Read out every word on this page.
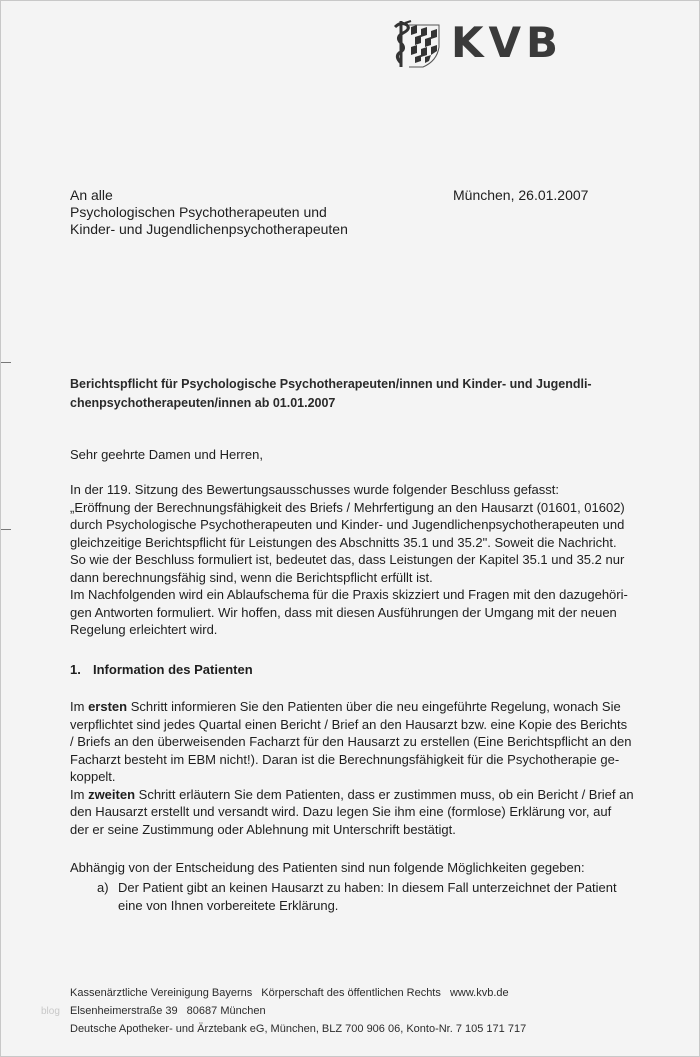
KVB
An alle
Psychologischen Psychotherapeuten und
Kinder- und Jugendlichenpsychotherapeuten
München, 26.01.2007
Berichtspflicht für Psychologische Psychotherapeuten/innen und Kinder- und Jugendli-
chenpsychotherapeuten/innen ab 01.01.2007
Sehr geehrte Damen und Herren,
In der 119. Sitzung des Bewertungsausschusses wurde folgender Beschluss gefasst:
„Eröffnung der Berechnungsfähigkeit des Briefs / Mehrfertigung an den Hausarzt (01601, 01602)
durch Psychologische Psychotherapeuten und Kinder- und Jugendlichenpsychotherapeuten und
gleichzeitige Berichtspflicht für Leistungen des Abschnitts 35.1 und 35.2". Soweit die Nachricht.
So wie der Beschluss formuliert ist, bedeutet das, dass Leistungen der Kapitel 35.1 und 35.2 nur
dann berechnungsfähig sind, wenn die Berichtspflicht erfüllt ist.
Im Nachfolgenden wird ein Ablaufschema für die Praxis skizziert und Fragen mit den dazugehöri-
gen Antworten formuliert. Wir hoffen, dass mit diesen Ausführungen der Umgang mit der neuen
Regelung erleichtert wird.
1. Information des Patienten
Im ersten Schritt informieren Sie den Patienten über die neu eingeführte Regelung, wonach Sie
verpflichtet sind jedes Quartal einen Bericht / Brief an den Hausarzt bzw. eine Kopie des Berichts
/ Briefs an den überweisenden Facharzt für den Hausarzt zu erstellen (Eine Berichtspflicht an den
Facharzt besteht im EBM nicht!). Daran ist die Berechnungsfähigkeit für die Psychotherapie ge-
koppelt.
Im zweiten Schritt erläutern Sie dem Patienten, dass er zustimmen muss, ob ein Bericht / Brief an
den Hausarzt erstellt und versandt wird. Dazu legen Sie ihm eine (formlose) Erklärung vor, auf
der er seine Zustimmung oder Ablehnung mit Unterschrift bestätigt.
Abhängig von der Entscheidung des Patienten sind nun folgende Möglichkeiten gegeben:
a) Der Patient gibt an keinen Hausarzt zu haben: In diesem Fall unterzeichnet der Patient
eine von Ihnen vorbereitete Erklärung.
Kassenärztliche Vereinigung Bayerns Körperschaft des öffentlichen Rechts www.kvb.de
Elsenheimerstraße 39 80687 München
Deutsche Apotheker- und Ärztebank eG, München, BLZ 700 906 06, Konto-Nr. 7 105 171 717
blog
